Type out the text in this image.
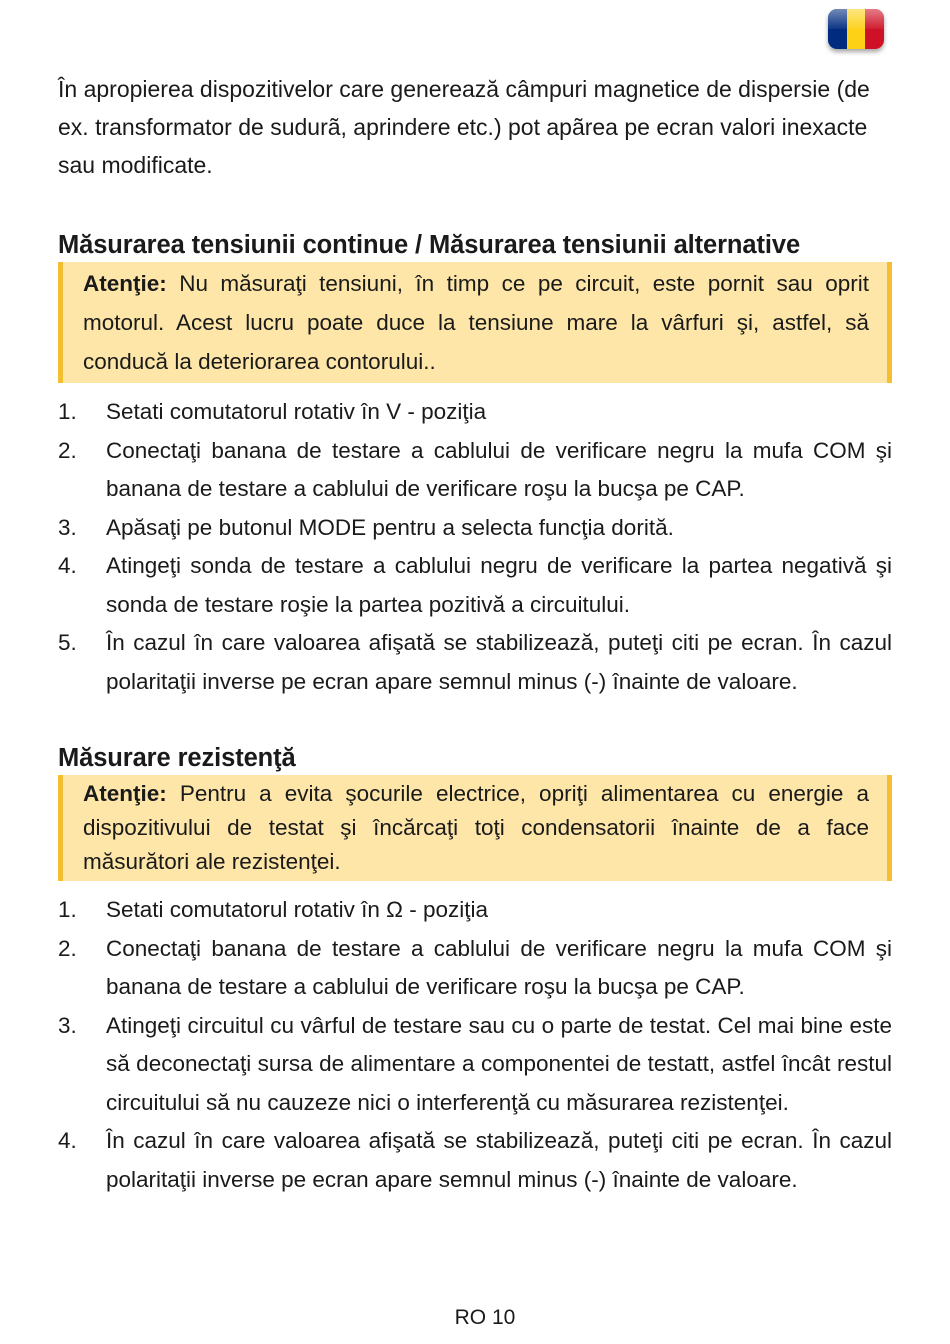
În apropierea dispozitivelor care generează câmpuri magnetice de dispersie (de ex. transformator de sudurã, aprindere etc.) pot apãrea pe ecran valori inexacte sau modificate.

Măsurarea tensiunii continue / Măsurarea tensiunii alternative
Atenţie: Nu măsuraţi tensiuni, în timp ce pe circuit, este pornit sau oprit motorul. Acest lucru poate duce la tensiune mare la vârfuri şi, astfel, să conducă la deteriorarea contorului..
1. Setati comutatorul rotativ în V - poziţia
2. Conectaţi banana de testare a cablului de verificare negru la mufa COM şi banana de testare a cablului de verificare roşu la bucşa pe CAP.
3. Apăsaţi pe butonul MODE pentru a selecta funcţia dorită.
4. Atingeţi sonda de testare a cablului negru de verificare la partea negativă şi sonda de testare roşie la partea pozitivă a circuitului.
5. În cazul în care valoarea afişată se stabilizează, puteţi citi pe ecran. În cazul polaritaţii inverse pe ecran apare semnul minus (-) înainte de valoare.
Măsurare rezistenţă
Atenţie: Pentru a evita şocurile electrice, opriţi alimentarea cu energie a dispozitivului de testat şi încărcaţi toţi condensatorii înainte de a face măsurători ale rezistenţei.
1. Setati comutatorul rotativ în Ω - poziţia
2. Conectaţi banana de testare a cablului de verificare negru la mufa COM şi banana de testare a cablului de verificare roşu la bucşa pe CAP.
3. Atingeţi circuitul cu vârful de testare sau cu o parte de testat. Cel mai bine este să deconectaţi sursa de alimentare a componentei de testatt, astfel încât restul circuitului să nu cauzeze nici o interferenţă cu măsurarea rezistenţei.
4. În cazul în care valoarea afişată se stabilizează, puteţi citi pe ecran. În cazul polaritaţii inverse pe ecran apare semnul minus (-) înainte de valoare.
RO 10
